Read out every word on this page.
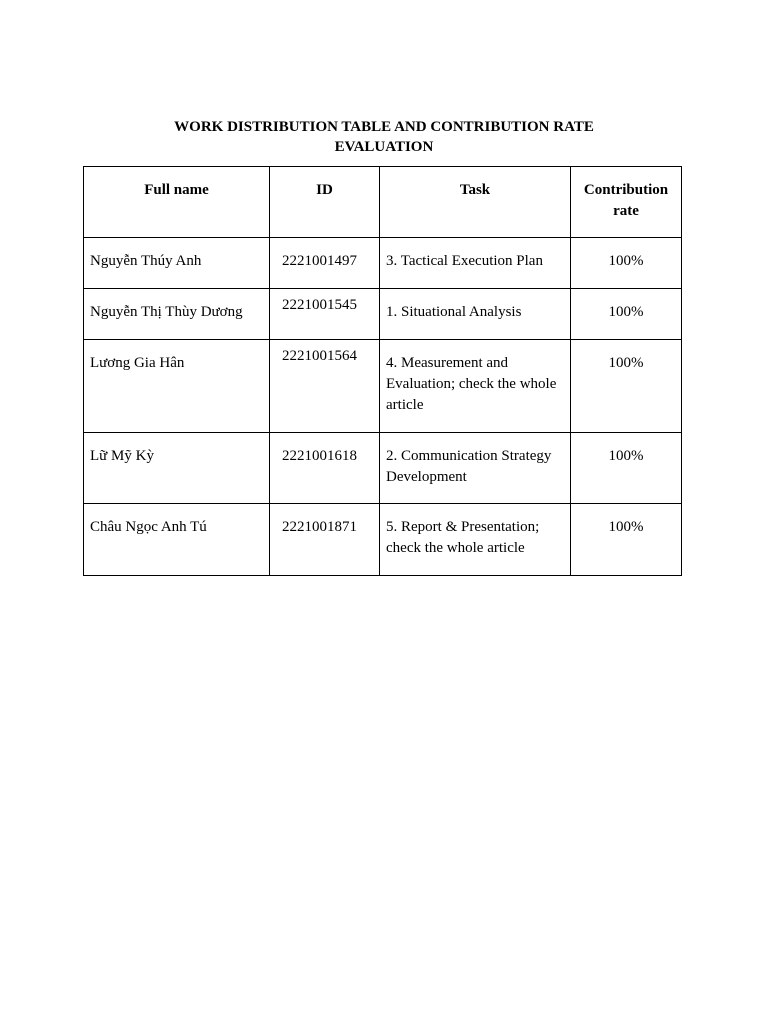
WORK DISTRIBUTION TABLE AND CONTRIBUTION RATE
EVALUATION
Full name	ID	Task	Contribution rate
Nguyễn Thúy Anh	2221001497	3. Tactical Execution Plan	100%
Nguyễn Thị Thùy Dương	2221001545	1. Situational Analysis	100%
Lương Gia Hân	2221001564	4. Measurement and Evaluation; check the whole article	100%
Lữ Mỹ Kỳ	2221001618	2. Communication Strategy Development	100%
Châu Ngọc Anh Tú	2221001871	5. Report & Presentation; check the whole article	100%
